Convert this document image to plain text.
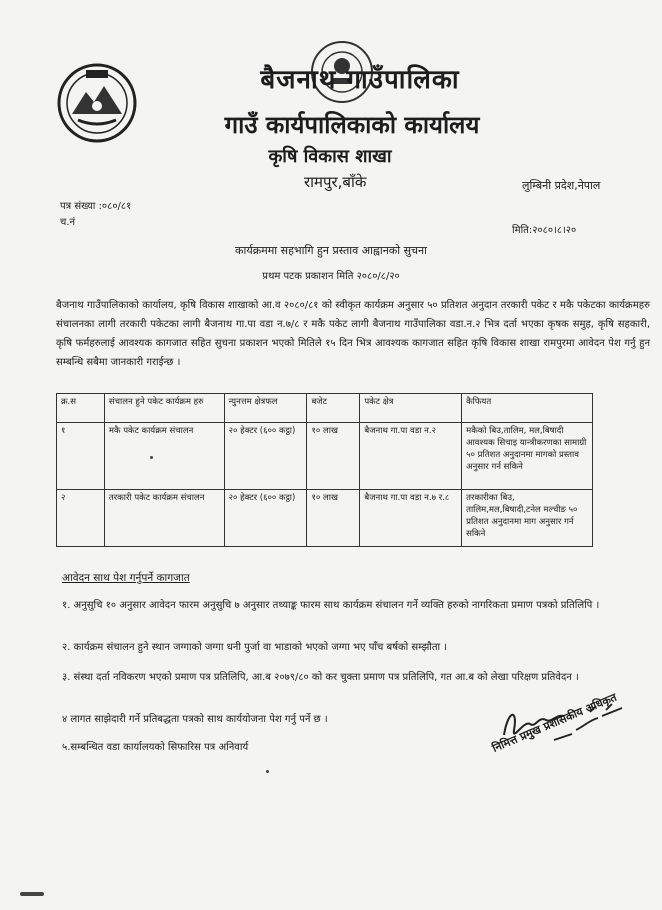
बैजनाथ गाउँपालिका
गाउँ कार्यपालिकाको कार्यालय
कृषि विकास शाखा
रामपुर,बाँके	लुम्बिनी प्रदेश,नेपाल
पत्र संख्या :०८०/८१
च.नं
मिति:२०८०।८।२०
कार्यक्रममा सहभागि हुन प्रस्ताव आह्वानको सुचना
प्रथम पटक प्रकाशन मिति २०८०/८/२०
बैजनाथ गाउँपालिकाको कार्यालय, कृषि विकास शाखाको आ.व २०८०/८१ को स्वीकृत कार्यक्रम अनुसार ५० प्रतिशत अनुदान तरकारी पकेट र मकै पकेटका कार्यक्रमहरु संचालनका लागी तरकारी पकेटका लागी बैजनाथ गा.पा वडा न.७/८ र मकै पकेट लागी बैजनाथ गाउँपालिका वडा.न.२ भित्र दर्ता भएका कृषक समुह, कृषि सहकारी, कृषि फर्महरुलाई आवश्यक कागजात सहित सुचना प्रकाशन भएको मितिले १५ दिन भित्र आवश्यक कागजात सहित कृषि विकास शाखा रामपुरमा आवेदन पेश गर्नु हुन सम्बन्धि सबैमा जानकारी गराईन्छ ।
क्र.स	संचालन हुने पकेट कार्यक्रम हरु	न्युनत्तम क्षेत्रफल	बजेट	पकेट क्षेत्र	कैफियत
१	मकै पकेट कार्यक्रम संचालन	२० हेक्टर (६०० कट्ठा)	१० लाख	बैजनाथ गा.पा वडा न.२	मकैको बिउ,तालिम, मल,बिषादी आवश्यक सिचाइ यान्त्रीकरणका सामाग्री ५० प्रतिशत अनुदानमा मागको प्रस्ताव अनुसार गर्न सकिने
२	तरकारी पकेट कार्यक्रम संचालन	२० हेक्टर (६०० कट्ठा)	१० लाख	बैजनाथ गा.पा वडा न.७ र.८	तरकारीका बिउ, तालिम,मल,बिषादी,टनेल मल्चीङ ५० प्रतिशत अनुदानमा माग अनुसार गर्न सकिने
आवेदन साथ पेश गर्नुपर्ने कागजात
१. अनुसुचि १० अनुसार आवेदन फारम अनुसुचि ७ अनुसार तथ्याङ्क फारम साथ कार्यक्रम संचालन गर्ने व्यक्ति हरुको नागरिकता प्रमाण पत्रको प्रतिलिपि ।
२. कार्यक्रम संचालन हुने स्थान जग्गाको जग्गा धनी पुर्जा वा भाडाको भएको जग्गा भए पाँच बर्षको सम्झौता ।
३. संस्था दर्ता नविकरण भएको प्रमाण पत्र प्रतिलिपि, आ.ब २०७९/८० को कर चुक्ता प्रमाण पत्र प्रतिलिपि, गत आ.ब को लेखा परिक्षण प्रतिवेदन ।
४ लागत साझेदारी गर्ने प्रतिबद्धता पत्रको साथ कार्ययोजना पेश गर्नु पर्ने छ ।
५.सम्बन्धित वडा कार्यालयको सिफारिस पत्र अनिवार्य	निमित्त प्रमुख प्रशासकीय अधिकृत
